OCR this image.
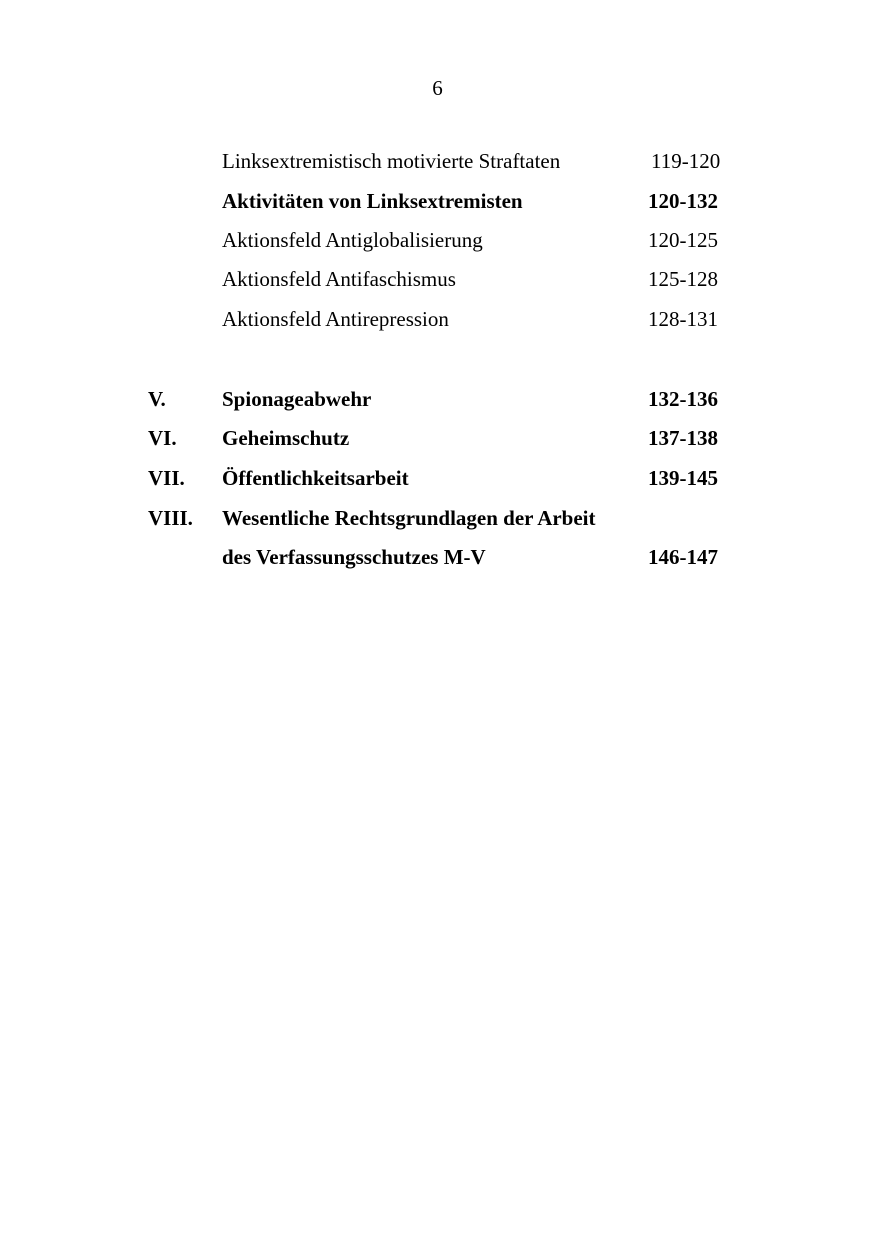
6
Linksextremistisch motivierte Straftaten	119-120
Aktivitäten von Linksextremisten	120-132
Aktionsfeld Antiglobalisierung	120-125
Aktionsfeld Antifaschismus	125-128
Aktionsfeld Antirepression	128-131
V.	Spionageabwehr	132-136
VI. Geheimschutz	137-138
VII. Öffentlichkeitsarbeit	139-145
VIII. Wesentliche Rechtsgrundlagen der Arbeit
des Verfassungsschutzes M-V	146-147
